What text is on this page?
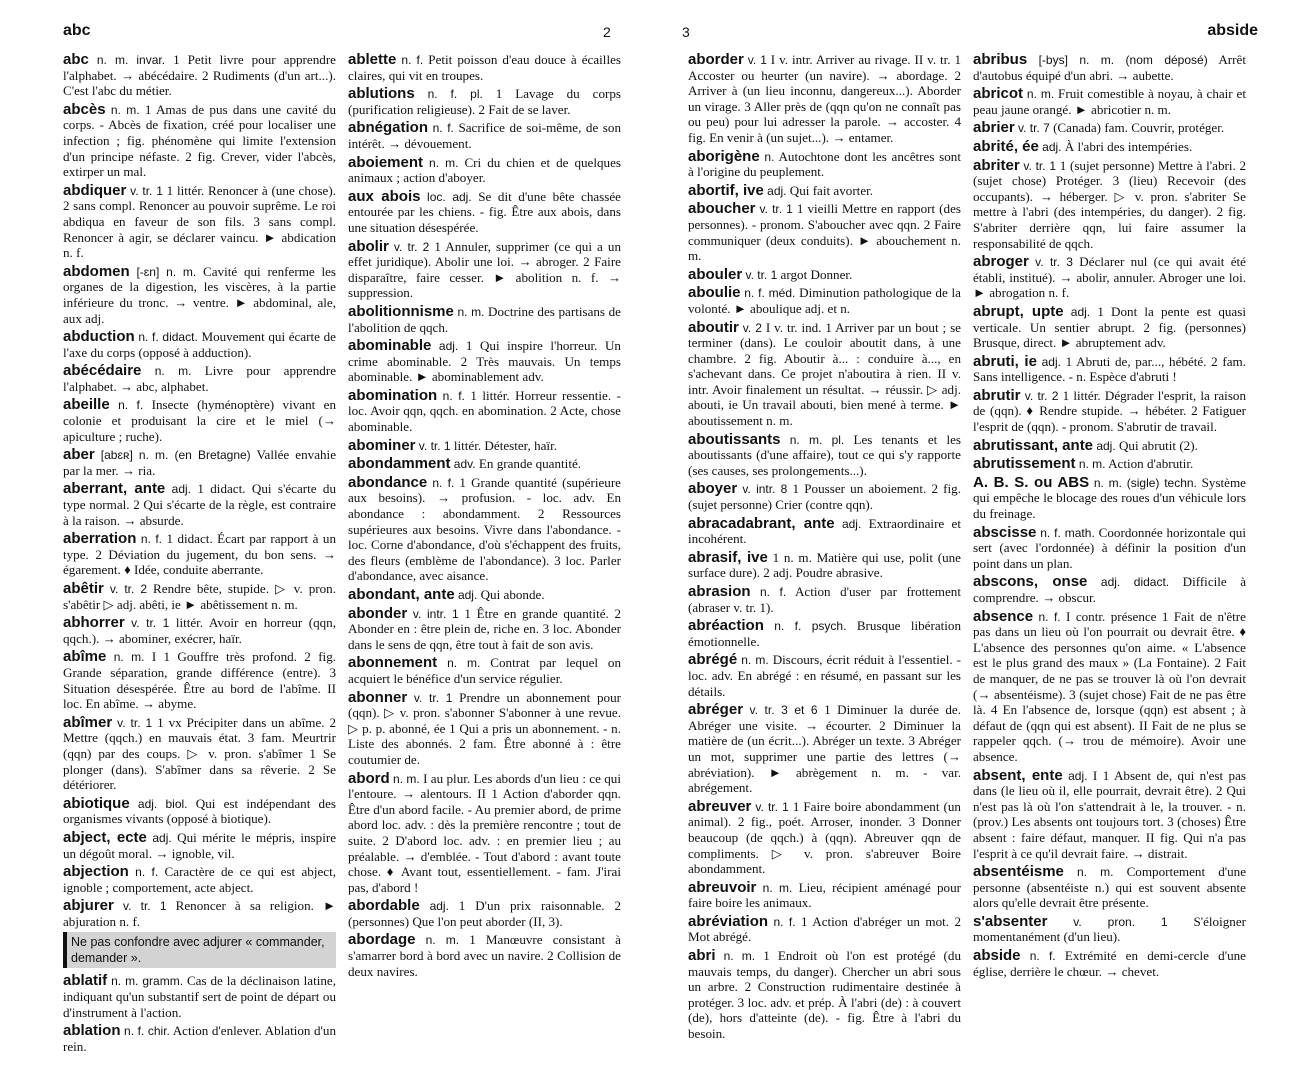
abc	2
abc n. m. invar. 1 Petit livre pour apprendre l'alphabet. → abécédaire. 2 Rudiments (d'un art...). C'est l'abc du métier.
abcès n. m. 1 Amas de pus dans une cavité du corps. - Abcès de fixation, créé pour localiser une infection ; fig. phénomène qui limite l'extension d'un principe néfaste. 2 fig. Crever, vider l'abcès, extirper un mal.
abdiquer v. tr. 1 1 littér. Renoncer à (une chose). 2 sans compl. Renoncer au pouvoir suprême. Le roi abdiqua en faveur de son fils. 3 sans compl. Renoncer à agir, se déclarer vaincu. ► abdication n. f.
abdomen [-ɛn] n. m. Cavité qui renferme les organes de la digestion, les viscères, à la partie inférieure du tronc. → ventre. ► abdominal, ale, aux adj.
abduction n. f. didact. Mouvement qui écarte de l'axe du corps (opposé à adduction).
abécédaire n. m. Livre pour apprendre l'alphabet. → abc, alphabet.
abeille n. f. Insecte (hyménoptère) vivant en colonie et produisant la cire et le miel (→ apiculture ; ruche).
aber [abɛʀ] n. m. (en Bretagne) Vallée envahie par la mer. → ria.
aberrant, ante adj. 1 didact. Qui s'écarte du type normal. 2 Qui s'écarte de la règle, est contraire à la raison. → absurde.
aberration n. f. 1 didact. Écart par rapport à un type. 2 Déviation du jugement, du bon sens. → égarement. ♦ Idée, conduite aberrante.
abêtir v. tr. 2 Rendre bête, stupide. ▷ v. pron. s'abêtir ▷ adj. abêti, ie ► abêtissement n. m.
abhorrer v. tr. 1 littér. Avoir en horreur (qqn, qqch.). → abominer, exécrer, haïr.
abîme n. m. I 1 Gouffre très profond. 2 fig. Grande séparation, grande différence (entre). 3 Situation désespérée. Être au bord de l'abîme. II loc. En abîme. → abyme.
abîmer v. tr. 1 1 vx Précipiter dans un abîme. 2 Mettre (qqch.) en mauvais état. 3 fam. Meurtrir (qqn) par des coups. ▷ v. pron. s'abîmer 1 Se plonger (dans). S'abîmer dans sa rêverie. 2 Se détériorer.
abiotique adj. biol. Qui est indépendant des organismes vivants (opposé à biotique).
abject, ecte adj. Qui mérite le mépris, inspire un dégoût moral. → ignoble, vil.
abjection n. f. Caractère de ce qui est abject, ignoble ; comportement, acte abject.
abjurer v. tr. 1 Renoncer à sa religion. ► abjuration n. f.
Ne pas confondre avec adjurer « commander, demander ».
ablatif n. m. gramm. Cas de la déclinaison latine, indiquant qu'un substantif sert de point de départ ou d'instrument à l'action.
ablation n. f. chir. Action d'enlever. Ablation d'un rein.
ablette n. f. Petit poisson d'eau douce à écailles claires, qui vit en troupes.
ablutions n. f. pl. 1 Lavage du corps (purification religieuse). 2 Fait de se laver.
abnégation n. f. Sacrifice de soi-même, de son intérêt. → dévouement.
aboiement n. m. Cri du chien et de quelques animaux ; action d'aboyer.
aux abois loc. adj. Se dit d'une bête chassée entourée par les chiens. - fig. Être aux abois, dans une situation désespérée.
abolir v. tr. 2 1 Annuler, supprimer (ce qui a un effet juridique). Abolir une loi. → abroger. 2 Faire disparaître, faire cesser. ► abolition n. f. → suppression.
abolitionnisme n. m. Doctrine des partisans de l'abolition de qqch.
abominable adj. 1 Qui inspire l'horreur. Un crime abominable. 2 Très mauvais. Un temps abominable. ► abominablement adv.
abomination n. f. 1 littér. Horreur ressentie. - loc. Avoir qqn, qqch. en abomination. 2 Acte, chose abominable.
abominer v. tr. 1 littér. Détester, haïr.
abondamment adv. En grande quantité.
abondance n. f. 1 Grande quantité (supérieure aux besoins). → profusion. - loc. adv. En abondance : abondamment. 2 Ressources supérieures aux besoins. Vivre dans l'abondance. - loc. Corne d'abondance, d'où s'échappent des fruits, des fleurs (emblème de l'abondance). 3 loc. Parler d'abondance, avec aisance.
abondant, ante adj. Qui abonde.
abonder v. intr. 1 1 Être en grande quantité. 2 Abonder en : être plein de, riche en. 3 loc. Abonder dans le sens de qqn, être tout à fait de son avis.
abonnement n. m. Contrat par lequel on acquiert le bénéfice d'un service régulier.
abonner v. tr. 1 Prendre un abonnement pour (qqn). ▷ v. pron. s'abonner S'abonner à une revue. ▷ p. p. abonné, ée 1 Qui a pris un abonnement. - n. Liste des abonnés. 2 fam. Être abonné à : être coutumier de.
abord n. m. I au plur. Les abords d'un lieu : ce qui l'entoure. → alentours. II 1 Action d'aborder qqn. Être d'un abord facile. - Au premier abord, de prime abord loc. adv. : dès la première rencontre ; tout de suite. 2 D'abord loc. adv. : en premier lieu ; au préalable. → d'emblée. - Tout d'abord : avant toute chose. ♦ Avant tout, essentiellement. - fam. J'irai pas, d'abord !
abordable adj. 1 D'un prix raisonnable. 2 (personnes) Que l'on peut aborder (II, 3).
abordage n. m. 1 Manœuvre consistant à s'amarrer bord à bord avec un navire. 2 Collision de deux navires.
3	abside
aborder v. 1 I v. intr. Arriver au rivage. II v. tr. 1 Accoster ou heurter (un navire). → abordage. 2 Arriver à (un lieu inconnu, dangereux...). Aborder un virage. 3 Aller près de (qqn qu'on ne connaît pas ou peu) pour lui adresser la parole. → accoster. 4 fig. En venir à (un sujet...). → entamer.
aborigène n. Autochtone dont les ancêtres sont à l'origine du peuplement.
abortif, ive adj. Qui fait avorter.
aboucher v. tr. 1 1 vieilli Mettre en rapport (des personnes). - pronom. S'aboucher avec qqn. 2 Faire communiquer (deux conduits). ► abouchement n. m.
abouler v. tr. 1 argot Donner.
aboulie n. f. méd. Diminution pathologique de la volonté. ► aboulique adj. et n.
aboutir v. 2 I v. tr. ind. 1 Arriver par un bout ; se terminer (dans). Le couloir aboutit dans, à une chambre. 2 fig. Aboutir à... : conduire à..., en s'achevant dans. Ce projet n'aboutira à rien. II v. intr. Avoir finalement un résultat. → réussir. ▷ adj. abouti, ie Un travail abouti, bien mené à terme. ► aboutissement n. m.
aboutissants n. m. pl. Les tenants et les aboutissants (d'une affaire), tout ce qui s'y rapporte (ses causes, ses prolongements...).
aboyer v. intr. 8 1 Pousser un aboiement. 2 fig. (sujet personne) Crier (contre qqn).
abracadabrant, ante adj. Extraordinaire et incohérent.
abrasif, ive 1 n. m. Matière qui use, polit (une surface dure). 2 adj. Poudre abrasive.
abrasion n. f. Action d'user par frottement (abraser v. tr. 1).
abréaction n. f. psych. Brusque libération émotionnelle.
abrégé n. m. Discours, écrit réduit à l'essentiel. - loc. adv. En abrégé : en résumé, en passant sur les détails.
abréger v. tr. 3 et 6 1 Diminuer la durée de. Abréger une visite. → écourter. 2 Diminuer la matière de (un écrit...). Abréger un texte. 3 Abréger un mot, supprimer une partie des lettres (→ abréviation). ► abrègement n. m. - var. abrégement.
abreuver v. tr. 1 1 Faire boire abondamment (un animal). 2 fig., poét. Arroser, inonder. 3 Donner beaucoup (de qqch.) à (qqn). Abreuver qqn de compliments. ▷ v. pron. s'abreuver Boire abondamment.
abreuvoir n. m. Lieu, récipient aménagé pour faire boire les animaux.
abréviation n. f. 1 Action d'abréger un mot. 2 Mot abrégé.
abri n. m. 1 Endroit où l'on est protégé (du mauvais temps, du danger). Chercher un abri sous un arbre. 2 Construction rudimentaire destinée à protéger. 3 loc. adv. et prép. À l'abri (de) : à couvert (de), hors d'atteinte (de). - fig. Être à l'abri du besoin.
abribus [-bys] n. m. (nom déposé) Arrêt d'autobus équipé d'un abri. → aubette.
abricot n. m. Fruit comestible à noyau, à chair et peau jaune orangé. ► abricotier n. m.
abrier v. tr. 7 (Canada) fam. Couvrir, protéger.
abrité, ée adj. À l'abri des intempéries.
abriter v. tr. 1 1 (sujet personne) Mettre à l'abri. 2 (sujet chose) Protéger. 3 (lieu) Recevoir (des occupants). → héberger. ▷ v. pron. s'abriter Se mettre à l'abri (des intempéries, du danger). 2 fig. S'abriter derrière qqn, lui faire assumer la responsabilité de qqch.
abroger v. tr. 3 Déclarer nul (ce qui avait été établi, institué). → abolir, annuler. Abroger une loi. ► abrogation n. f.
abrupt, upte adj. 1 Dont la pente est quasi verticale. Un sentier abrupt. 2 fig. (personnes) Brusque, direct. ► abruptement adv.
abruti, ie adj. 1 Abruti de, par..., hébété. 2 fam. Sans intelligence. - n. Espèce d'abruti !
abrutir v. tr. 2 1 littér. Dégrader l'esprit, la raison de (qqn). ♦ Rendre stupide. → hébéter. 2 Fatiguer l'esprit de (qqn). - pronom. S'abrutir de travail.
abrutissant, ante adj. Qui abrutit (2).
abrutissement n. m. Action d'abrutir.
A. B. S. ou ABS n. m. (sigle) techn. Système qui empêche le blocage des roues d'un véhicule lors du freinage.
abscisse n. f. math. Coordonnée horizontale qui sert (avec l'ordonnée) à définir la position d'un point dans un plan.
abscons, onse adj. didact. Difficile à comprendre. → obscur.
absence n. f. I contr. présence 1 Fait de n'être pas dans un lieu où l'on pourrait ou devrait être. ♦ L'absence des personnes qu'on aime. « L'absence est le plus grand des maux » (La Fontaine). 2 Fait de manquer, de ne pas se trouver là où l'on devrait (→ absentéisme). 3 (sujet chose) Fait de ne pas être là. 4 En l'absence de, lorsque (qqn) est absent ; à défaut de (qqn qui est absent). II Fait de ne plus se rappeler qqch. (→ trou de mémoire). Avoir une absence.
absent, ente adj. I 1 Absent de, qui n'est pas dans (le lieu où il, elle pourrait, devrait être). 2 Qui n'est pas là où l'on s'attendrait à le, la trouver. - n. (prov.) Les absents ont toujours tort. 3 (choses) Être absent : faire défaut, manquer. II fig. Qui n'a pas l'esprit à ce qu'il devrait faire. → distrait.
absentéisme n. m. Comportement d'une personne (absentéiste n.) qui est souvent absente alors qu'elle devrait être présente.
s'absenter v. pron. 1 S'éloigner momentanément (d'un lieu).
abside n. f. Extrémité en demi-cercle d'une église, derrière le chœur. → chevet.
